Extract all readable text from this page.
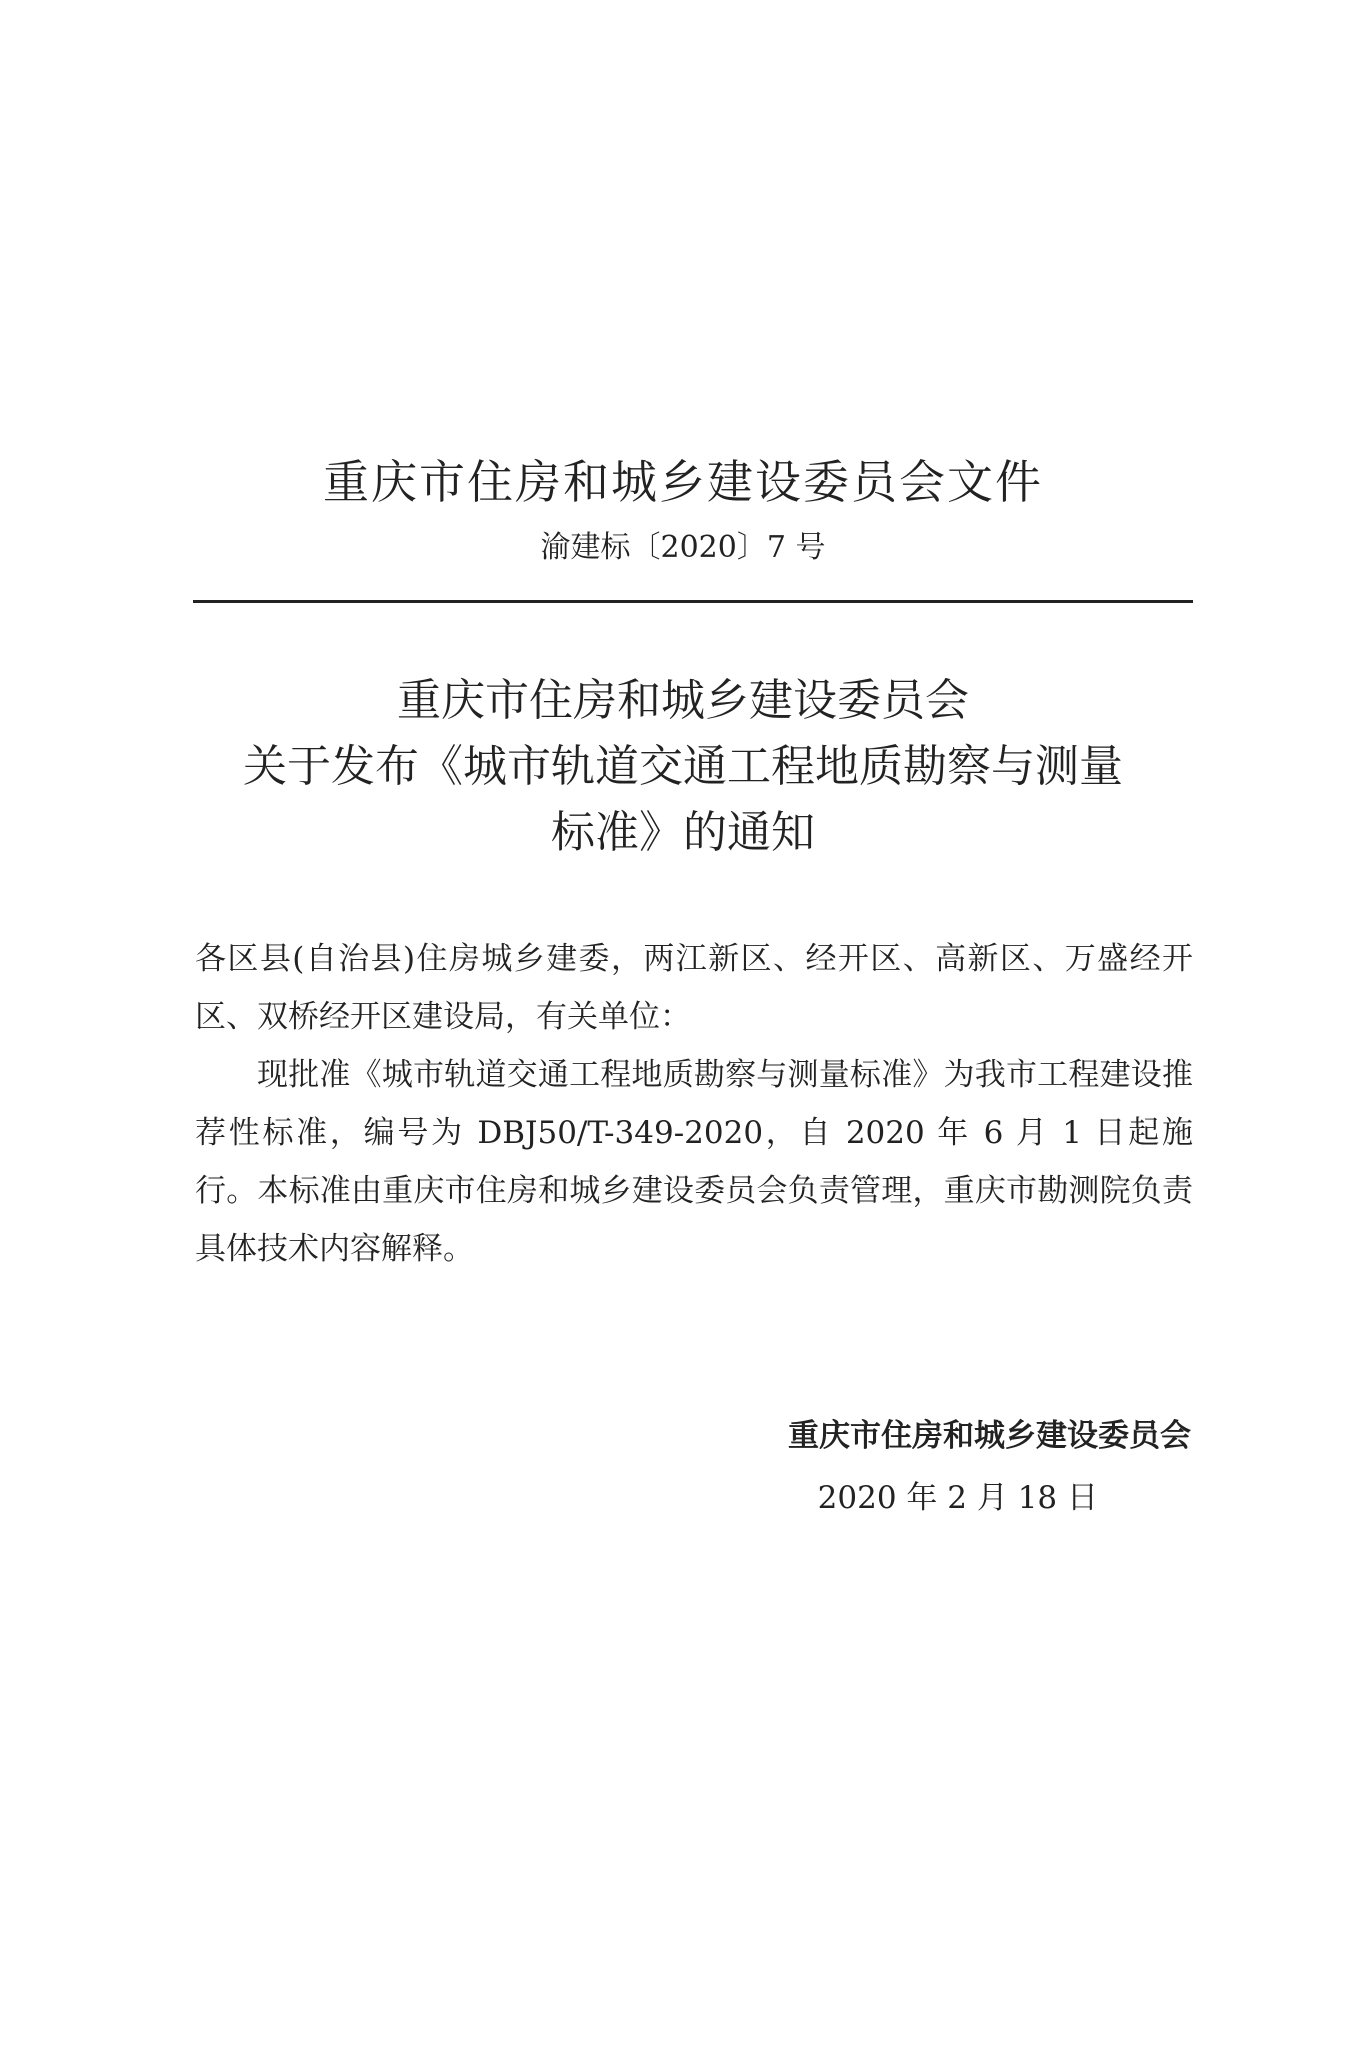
重庆市住房和城乡建设委员会文件
渝建标〔2020〕7 号
重庆市住房和城乡建设委员会
关于发布《城市轨道交通工程地质勘察与测量
标准》的通知
各区县(自治县)住房城乡建委，两江新区、经开区、高新区、万盛经开区、双桥经开区建设局，有关单位：
现批准《城市轨道交通工程地质勘察与测量标准》为我市工程建设推荐性标准，编号为 DBJ50/T-349-2020，自 2020 年 6 月 1 日起施行。本标准由重庆市住房和城乡建设委员会负责管理，重庆市勘测院负责具体技术内容解释。
重庆市住房和城乡建设委员会
2020 年 2 月 18 日
